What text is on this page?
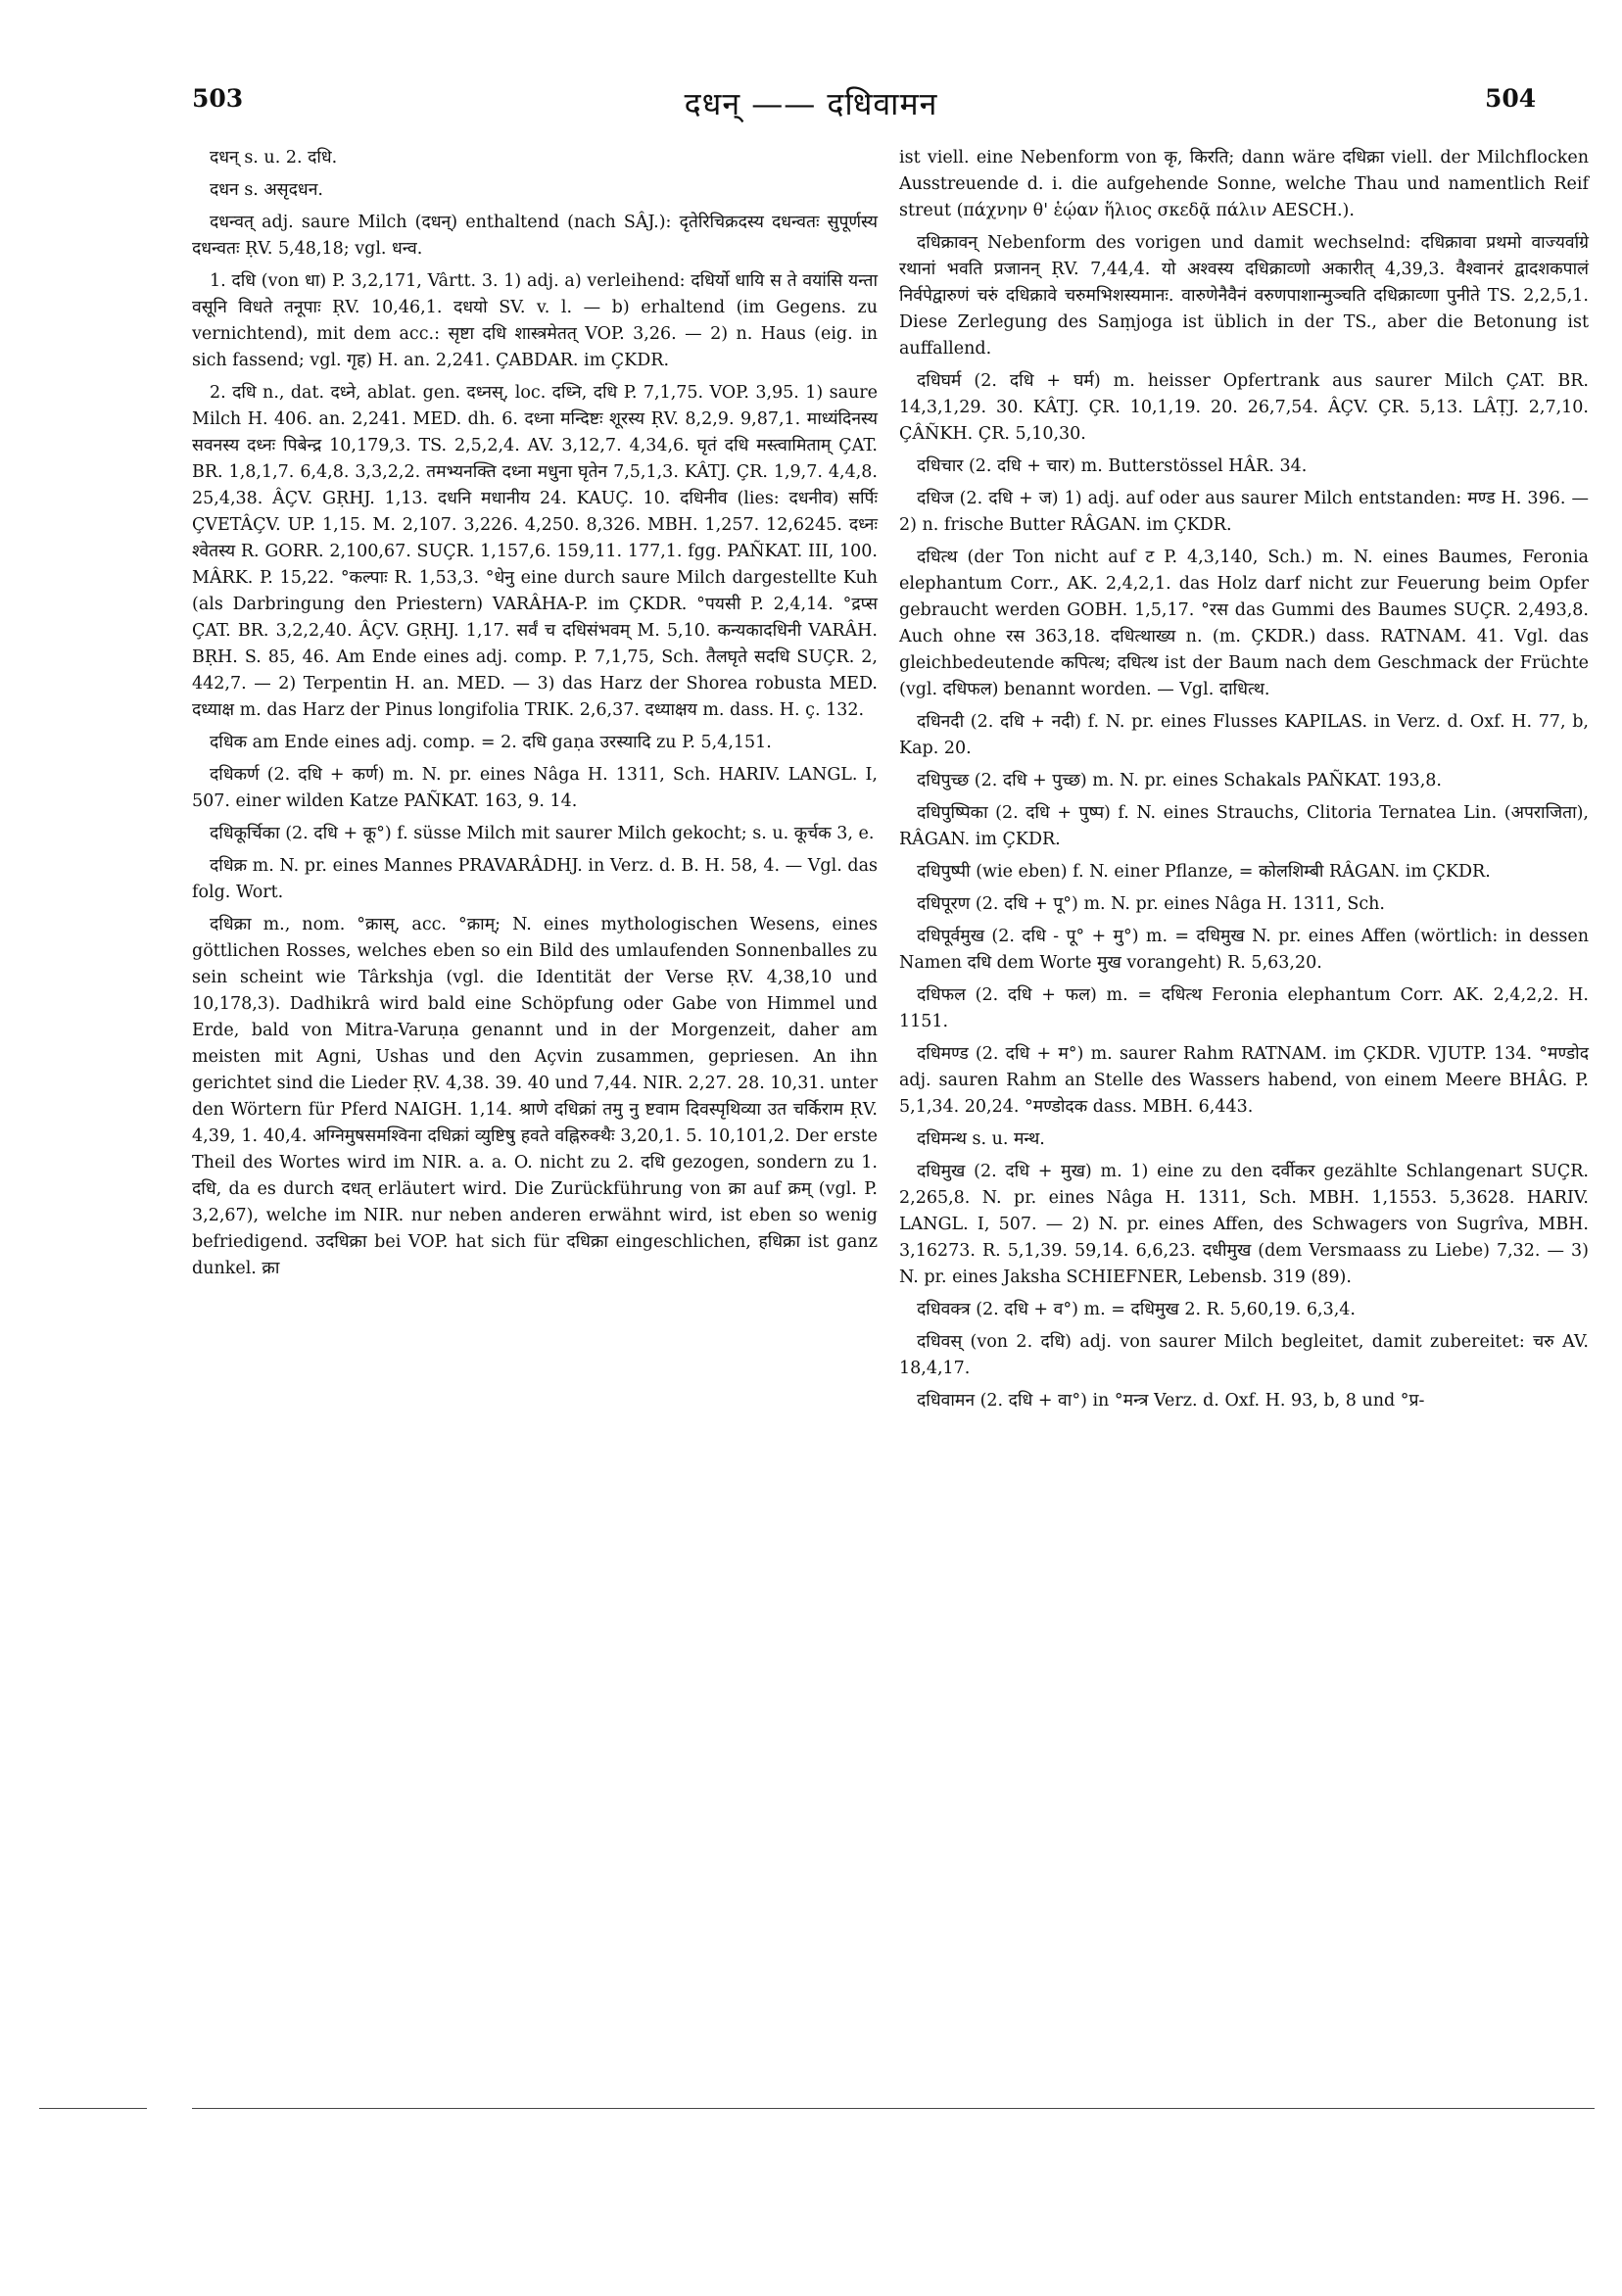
503	दधन् —— दधिवामन	504

दधन् s. u. 2. दधि.

दधन s. असृदधन.

दधन्वत् adj. saure Milch (दधन्) enthaltend (nach SÂJ.): दृतेरिचिक्रदस्य दधन्वतः सुपूर्णस्य दधन्वतः ṚV. 5,48,18; vgl. धन्व.

1. दधि (von धा) P. 3,2,171, Vârtt. 3. 1) adj. a) verleihend: दधिर्यो धायि स ते वयांसि यन्ता वसूनि विधते तनूपाः ṚV. 10,46,1. दधयो SV. v. l. — b) erhaltend (im Gegens. zu vernichtend), mit dem acc.: सृष्टा दधि शास्त्रमेतत् VOP. 3,26. — 2) n. Haus (eig. in sich fassend; vgl. गृह) H. an. 2,241. ÇABDAR. im ÇKDR.

2. दधि n., dat. दध्ने, ablat. gen. दध्नस्, loc. दध्नि, दधि P. 7,1,75. VOP. 3,95. 1) saure Milch H. 406. an. 2,241. MED. dh. 6. दध्ना मन्दिष्टः शूरस्य ṚV. 8,2,9. 9,87,1. माध्यंदिनस्य सवनस्य दध्नः पिबेन्द्र 10,179,3. TS. 2,5,2,4. AV. 3,12,7. 4,34,6. घृतं दधि मस्त्वामिताम् ÇAT. BR. 1,8,1,7. 6,4,8. 3,3,2,2. तमभ्यनक्ति दध्ना मधुना घृतेन 7,5,1,3. KÂTJ. ÇR. 1,9,7. 4,4,8. 25,4,38. ÂÇV. GṚHJ. 1,13. दधनि मधानीय 24. KAUÇ. 10. दधिनीव (lies: दधनीव) सर्पिः ÇVETÂÇV. UP. 1,15. M. 2,107. 3,226. 4,250. 8,326. MBH. 1,257. 12,6245. दध्नः श्वेतस्य R. GORR. 2,100,67. SUÇR. 1,157,6. 159,11. 177,1. fgg. PAÑKAT. III, 100. MÂRK. P. 15,22. °कल्पाः R. 1,53,3. °धेनु eine durch saure Milch dargestellte Kuh (als Darbringung den Priestern) VARÂHA-P. im ÇKDR. °पयसी P. 2,4,14. °द्रप्स ÇAT. BR. 3,2,2,40. ÂÇV. GṚHJ. 1,17. सर्वं च दधिसंभवम् M. 5,10. कन्यकादधिनी VARÂH. BṚH. S. 85, 46. Am Ende eines adj. comp. P. 7,1,75, Sch. तैलघृते सदधि SUÇR. 2, 442,7. — 2) Terpentin H. an. MED. — 3) das Harz der Shorea robusta MED. दध्याक्ष m. das Harz der Pinus longifolia TRIK. 2,6,37. दध्याक्षय m. dass. H. ç. 132.

दधिक am Ende eines adj. comp. = 2. दधि gaṇa उरस्यादि zu P. 5,4,151.

दधिकर्ण (2. दधि + कर्ण) m. N. pr. eines Nâga H. 1311, Sch. HARIV. LANGL. I, 507. einer wilden Katze PAÑKAT. 163, 9. 14.

दधिकूर्चिका (2. दधि + कू°) f. süsse Milch mit saurer Milch gekocht; s. u. कूर्चक 3, e.

दधिक्र m. N. pr. eines Mannes PRAVARÂDHJ. in Verz. d. B. H. 58, 4. — Vgl. das folg. Wort.

दधिक्रा m., nom. °क्रास्, acc. °क्राम्; N. eines mythologischen Wesens, eines göttlichen Rosses, welches eben so ein Bild des umlaufenden Sonnenballes zu sein scheint wie Târkshja (vgl. die Identität der Verse ṚV. 4,38,10 und 10,178,3). Dadhikrâ wird bald eine Schöpfung oder Gabe von Himmel und Erde, bald von Mitra-Varuṇa genannt und in der Morgenzeit, daher am meisten mit Agni, Ushas und den Açvin zusammen, gepriesen. An ihn gerichtet sind die Lieder ṚV. 4,38. 39. 40 und 7,44. NIR. 2,27. 28. 10,31. unter den Wörtern für Pferd NAIGH. 1,14. श्राणे दधिक्रां तमु नु ष्टवाम दिवस्पृथिव्या उत चर्किराम ṚV. 4,39, 1. 40,4. अग्निमुषसमश्विना दधिक्रां व्युष्टिषु हवते वह्निरुक्थैः 3,20,1. 5. 10,101,2. Der erste Theil des Wortes wird im NIR. a. a. O. nicht zu 2. दधि gezogen, sondern zu 1. दधि, da es durch दधत् erläutert wird. Die Zurückführung von क्रा auf क्रम् (vgl. P. 3,2,67), welche im NIR. nur neben anderen erwähnt wird, ist eben so wenig befriedigend. उदधिक्रा bei VOP. hat sich für दधिक्रा eingeschlichen, हधिक्रा ist ganz dunkel. क्रा

ist viell. eine Nebenform von कृ, किरति; dann wäre दधिक्रा viell. der Milchflocken Ausstreuende d. i. die aufgehende Sonne, welche Thau und namentlich Reif streut (πάχνην θ' ἑῴαν ἥλιος σκεδᾷ πάλιν AESCH.).

दधिक्रावन् Nebenform des vorigen und damit wechselnd: दधिक्रावा प्रथमो वाज्यर्वाग्रे रथानां भवति प्रजानन् ṚV. 7,44,4. यो अश्वस्य दधिक्राव्णो अकारीत् 4,39,3. वैश्वानरं द्वादशकपालं निर्वपेद्वारुणं चरुं दधिक्रावे चरुमभिशस्यमानः. वारुणेनैवैनं वरुणपाशान्मुञ्चति दधिक्राव्णा पुनीते TS. 2,2,5,1. Diese Zerlegung des Saṃjoga ist üblich in der TS., aber die Betonung ist auffallend.

दधिघर्म (2. दधि + घर्म) m. heisser Opfertrank aus saurer Milch ÇAT. BR. 14,3,1,29. 30. KÂTJ. ÇR. 10,1,19. 20. 26,7,54. ÂÇV. ÇR. 5,13. LÂṬJ. 2,7,10. ÇÂÑKH. ÇR. 5,10,30.

दधिचार (2. दधि + चार) m. Butterstössel HÂR. 34.

दधिज (2. दधि + ज) 1) adj. auf oder aus saurer Milch entstanden: मण्ड H. 396. — 2) n. frische Butter RÂGAN. im ÇKDR.

दधित्थ (der Ton nicht auf ट P. 4,3,140, Sch.) m. N. eines Baumes, Feronia elephantum Corr., AK. 2,4,2,1. das Holz darf nicht zur Feuerung beim Opfer gebraucht werden GOBH. 1,5,17. °रस das Gummi des Baumes SUÇR. 2,493,8. Auch ohne रस 363,18. दधित्थाख्य n. (m. ÇKDR.) dass. RATNAM. 41. Vgl. das gleichbedeutende कपित्थ; दधित्थ ist der Baum nach dem Geschmack der Früchte (vgl. दधिफल) benannt worden. — Vgl. दाधित्थ.

दधिनदी (2. दधि + नदी) f. N. pr. eines Flusses KAPILAS. in Verz. d. Oxf. H. 77, b, Kap. 20.

दधिपुच्छ (2. दधि + पुच्छ) m. N. pr. eines Schakals PAÑKAT. 193,8.

दधिपुष्पिका (2. दधि + पुष्प) f. N. eines Strauchs, Clitoria Ternatea Lin. (अपराजिता), RÂGAN. im ÇKDR.

दधिपुष्पी (wie eben) f. N. einer Pflanze, = कोलशिम्बी RÂGAN. im ÇKDR.

दधिपूरण (2. दधि + पू°) m. N. pr. eines Nâga H. 1311, Sch.

दधिपूर्वमुख (2. दधि - पू° + मु°) m. = दधिमुख N. pr. eines Affen (wörtlich: in dessen Namen दधि dem Worte मुख vorangeht) R. 5,63,20.

दधिफल (2. दधि + फल) m. = दधित्थ Feronia elephantum Corr. AK. 2,4,2,2. H. 1151.

दधिमण्ड (2. दधि + म°) m. saurer Rahm RATNAM. im ÇKDR. VJUTP. 134. °मण्डोद adj. sauren Rahm an Stelle des Wassers habend, von einem Meere BHÂG. P. 5,1,34. 20,24. °मण्डोदक dass. MBH. 6,443.

दधिमन्थ s. u. मन्थ.

दधिमुख (2. दधि + मुख) m. 1) eine zu den दर्वीकर gezählte Schlangenart SUÇR. 2,265,8. N. pr. eines Nâga H. 1311, Sch. MBH. 1,1553. 5,3628. HARIV. LANGL. I, 507. — 2) N. pr. eines Affen, des Schwagers von Sugrîva, MBH. 3,16273. R. 5,1,39. 59,14. 6,6,23. दधीमुख (dem Versmaass zu Liebe) 7,32. — 3) N. pr. eines Jaksha SCHIEFNER, Lebensb. 319 (89).

दधिवक्त्र (2. दधि + व°) m. = दधिमुख 2. R. 5,60,19. 6,3,4.

दधिवस् (von 2. दधि) adj. von saurer Milch begleitet, damit zubereitet: चरु AV. 18,4,17.

दधिवामन (2. दधि + वा°) in °मन्त्र Verz. d. Oxf. H. 93, b, 8 und °प्र-
